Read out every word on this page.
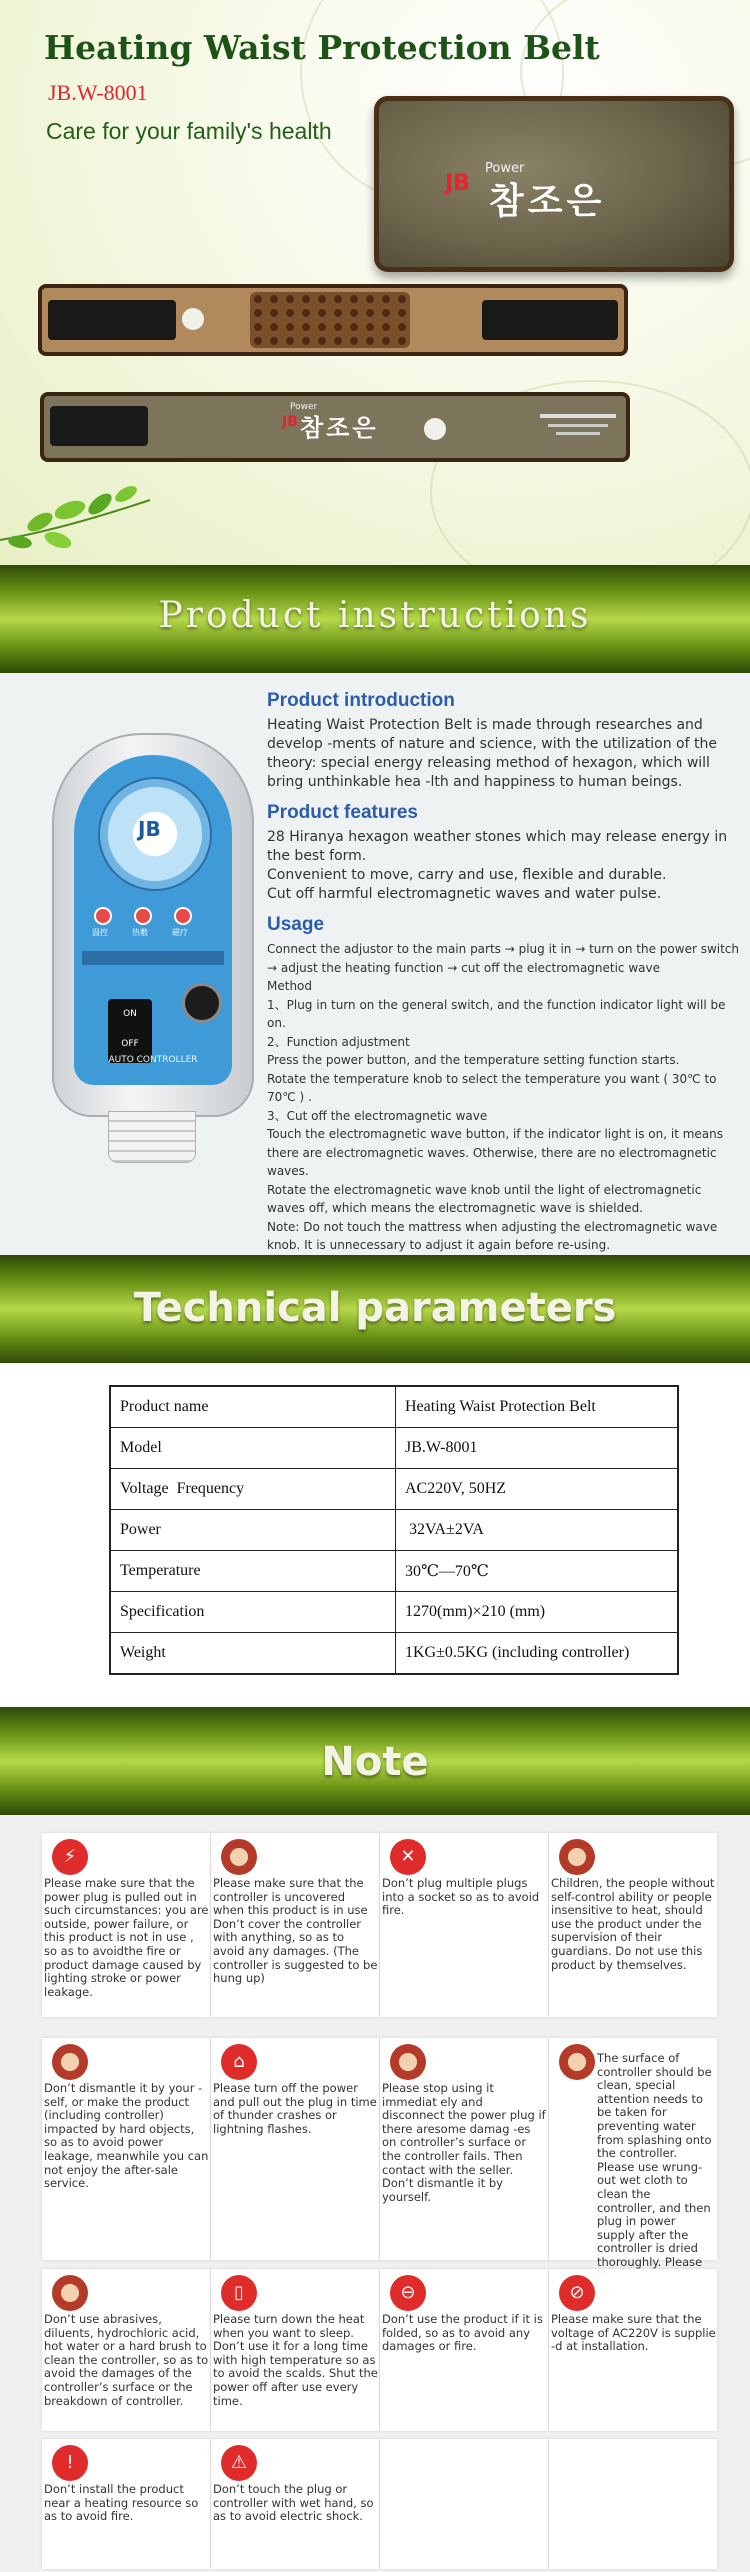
Heating Waist Protection Belt
JB.W-8001
Care for your family's health
JB
Power
참조은
Power
JB 참조은
Product instructions
JB
温控	热敷	磁疗
ON
OFF
AUTO CONTROLLER
Product introduction

Heating Waist Protection Belt is made through researches and develop -ments of nature and science, with the utilization of the theory: special energy releasing method of hexagon, which will bring unthinkable hea -lth and happiness to human beings.

Product features

28 Hiranya hexagon weather stones which may release energy in the best form.

Convenient to move, carry and use, flexible and durable.

Cut off harmful electromagnetic waves and water pulse.

Usage

Connect the adjustor to the main parts → plug it in → turn on the power switch → adjust the heating function → cut off the electromagnetic wave

Method

1、Plug in turn on the general switch, and the function indicator light will be on.

2、Function adjustment

Press the power button, and the temperature setting function starts.

Rotate the temperature knob to select the temperature you want ( 30℃ to 70℃ ) .

3、Cut off the electromagnetic wave

Touch the electromagnetic wave button, if the indicator light is on, it means there are electromagnetic waves. Otherwise, there are no electromagnetic waves.

Rotate the electromagnetic wave knob until the light of electromagnetic waves off, which means the electromagnetic wave is shielded.

Note: Do not touch the mattress when adjusting the electromagnetic wave knob. It is unnecessary to adjust it again before re-using.

Technical parameters
Product name	Heating Waist Protection Belt
Model	JB.W-8001
Voltage  Frequency	AC220V, 50HZ
Power	32VA±2VA
Temperature	30℃—70℃
Specification	1270(mm)×210 (mm)
Weight	1KG±0.5KG (including controller)
Note
⚡
Please make sure that the power plug is pulled out in such circumstances: you are outside, power failure, or this product is not in use , so as to avoidthe fire or product damage caused by lighting stroke or power leakage.
Please make sure that the controller is uncovered when this product is in use Don’t cover the controller with anything, so as to avoid any damages. (The controller is suggested to be hung up)
✕
Don’t plug multiple plugs into a socket so as to avoid fire.
Children, the people without self-control ability or people insensitive to heat, should use the product under the supervision of their guardians. Do not use this product by themselves.
Don’t dismantle it by your -self, or make the product (including controller) impacted by hard objects, so as to avoid power leakage, meanwhile you can not enjoy the after-sale service.
⌂
Please turn off the power and pull out the plug in time of thunder crashes or lightning flashes.
Please stop using it immediat ely and disconnect the power plug if there aresome damag -es on controller’s surface or the controller fails. Then contact with the seller. Don’t dismantle it by yourself.
The surface of controller should be clean, special attention needs to be taken for preventing water from splashing onto the controller. Please use wrung-out wet cloth to clean the controller, and then plug in power supply after the controller is dried thoroughly. Please
Don’t use abrasives, diluents, hydrochloric acid, hot water or a hard brush to clean the controller, so as to avoid the damages of the controller’s surface or the breakdown of controller.
▯
Please turn down the heat when you want to sleep. Don’t use it for a long time with high temperature so as to avoid the scalds. Shut the power off after use every time.
⊖
Don’t use the product if it is folded, so as to avoid any damages or fire.
⊘
Please make sure that the voltage of AC220V is supplie -d at installation.
!
Don’t install the product near a heating resource so as to avoid fire.
⚠
Don’t touch the plug or controller with wet hand, so as to avoid electric shock.
